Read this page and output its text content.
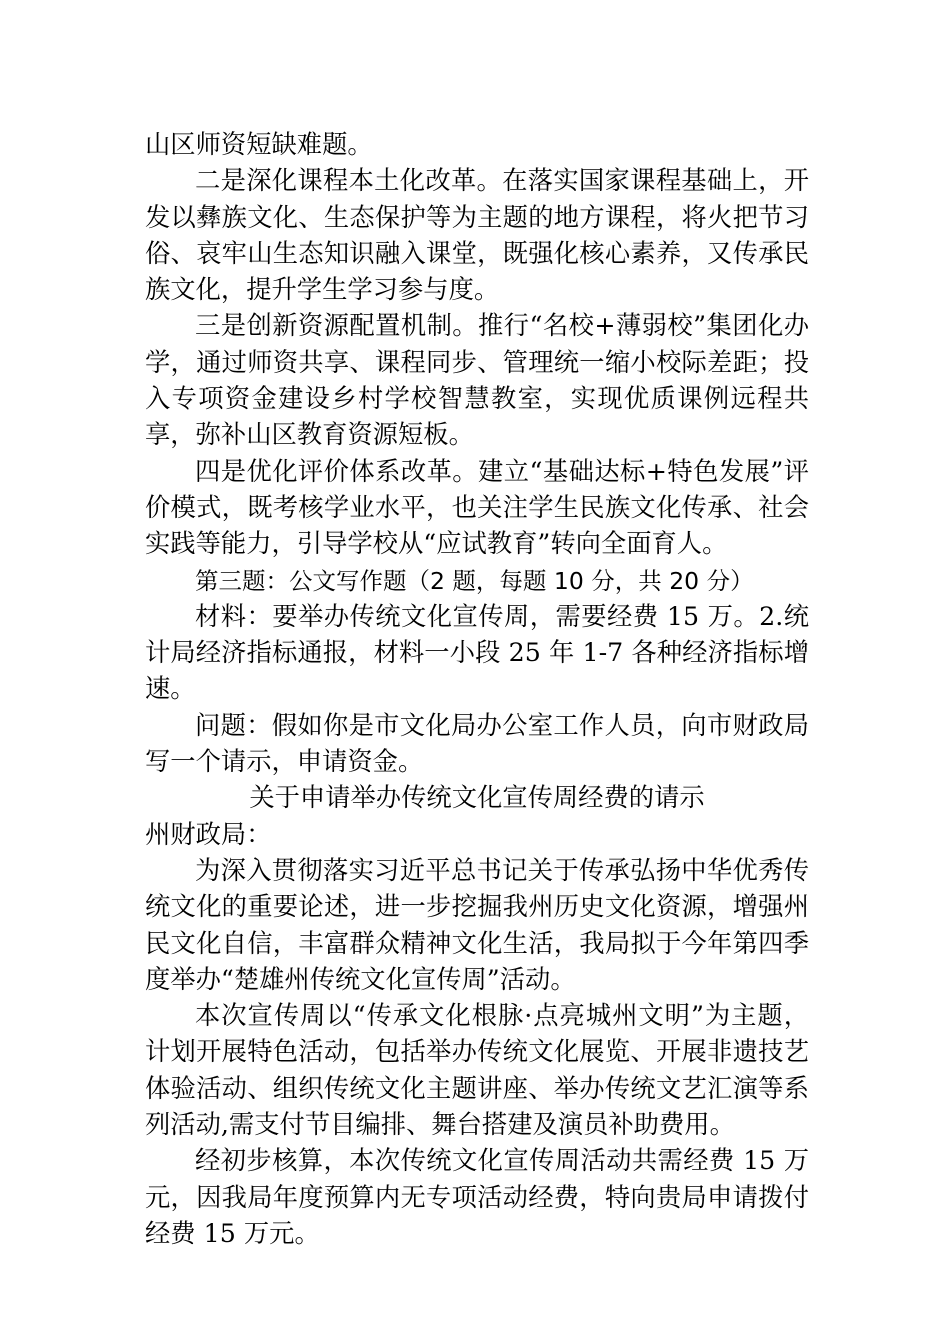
山区师资短缺难题。

二是深化课程本土化改革。在落实国家课程基础上，开发以彝族文化、生态保护等为主题的地方课程，将火把节习俗、哀牢山生态知识融入课堂，既强化核心素养，又传承民族文化，提升学生学习参与度。

三是创新资源配置机制。推行“名校+薄弱校”集团化办学，通过师资共享、课程同步、管理统一缩小校际差距；投入专项资金建设乡村学校智慧教室，实现优质课例远程共享，弥补山区教育资源短板。

四是优化评价体系改革。建立“基础达标+特色发展”评价模式，既考核学业水平，也关注学生民族文化传承、社会实践等能力，引导学校从“应试教育”转向全面育人。

第三题：公文写作题（2 题，每题 10 分，共 20 分）

材料：要举办传统文化宣传周，需要经费 15 万。2.统计局经济指标通报，材料一小段 25 年 1-7 各种经济指标增速。

问题：假如你是市文化局办公室工作人员，向市财政局写一个请示，申请资金。

关于申请举办传统文化宣传周经费的请示

州财政局：

为深入贯彻落实习近平总书记关于传承弘扬中华优秀传统文化的重要论述，进一步挖掘我州历史文化资源，增强州民文化自信，丰富群众精神文化生活，我局拟于今年第四季度举办“楚雄州传统文化宣传周”活动。

本次宣传周以“传承文化根脉·点亮城州文明”为主题，计划开展特色活动，包括举办传统文化展览、开展非遗技艺体验活动、组织传统文化主题讲座、举办传统文艺汇演等系列活动,需支付节目编排、舞台搭建及演员补助费用。

经初步核算，本次传统文化宣传周活动共需经费 15 万元，因我局年度预算内无专项活动经费，特向贵局申请拨付经费 15 万元。
